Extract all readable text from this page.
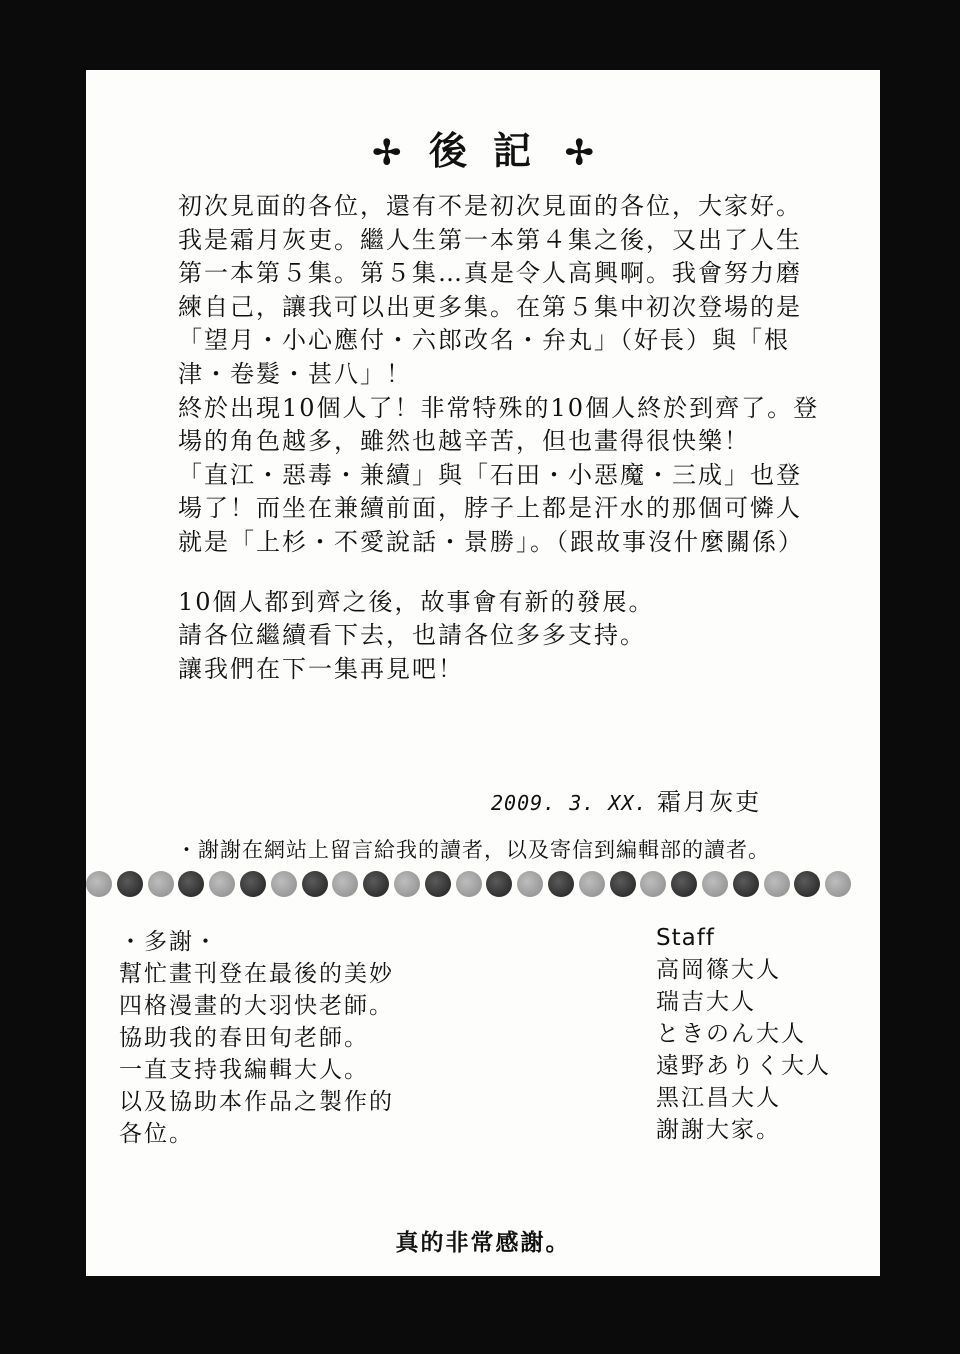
✢ 後記 ✢
初次見面的各位，還有不是初次見面的各位，大家好。
我是霜月灰吏。繼人生第一本第４集之後，又出了人生
第一本第５集。第５集…真是令人高興啊。我會努力磨
練自己，讓我可以出更多集。在第５集中初次登場的是
「望月・小心應付・六郎改名・弁丸」（好長）與「根
津・卷髮・甚八」！
終於出現10個人了！非常特殊的10個人終於到齊了。登
場的角色越多，雖然也越辛苦，但也畫得很快樂！
「直江・惡毒・兼續」與「石田・小惡魔・三成」也登
場了！而坐在兼續前面，脖子上都是汗水的那個可憐人
就是「上杉・不愛說話・景勝」。（跟故事沒什麼關係）
10個人都到齊之後，故事會有新的發展。
請各位繼續看下去，也請各位多多支持。
讓我們在下一集再見吧！
2009. 3. XX. 霜月灰吏
・謝謝在網站上留言給我的讀者，以及寄信到編輯部的讀者。
・多謝・
幫忙畫刊登在最後的美妙
四格漫畫的大羽快老師。
協助我的春田旬老師。
一直支持我編輯大人。
以及協助本作品之製作的
各位。
Staff
高岡篠大人
瑞吉大人
ときのん大人
遠野ありく大人
黑江昌大人
謝謝大家。
真的非常感謝。
